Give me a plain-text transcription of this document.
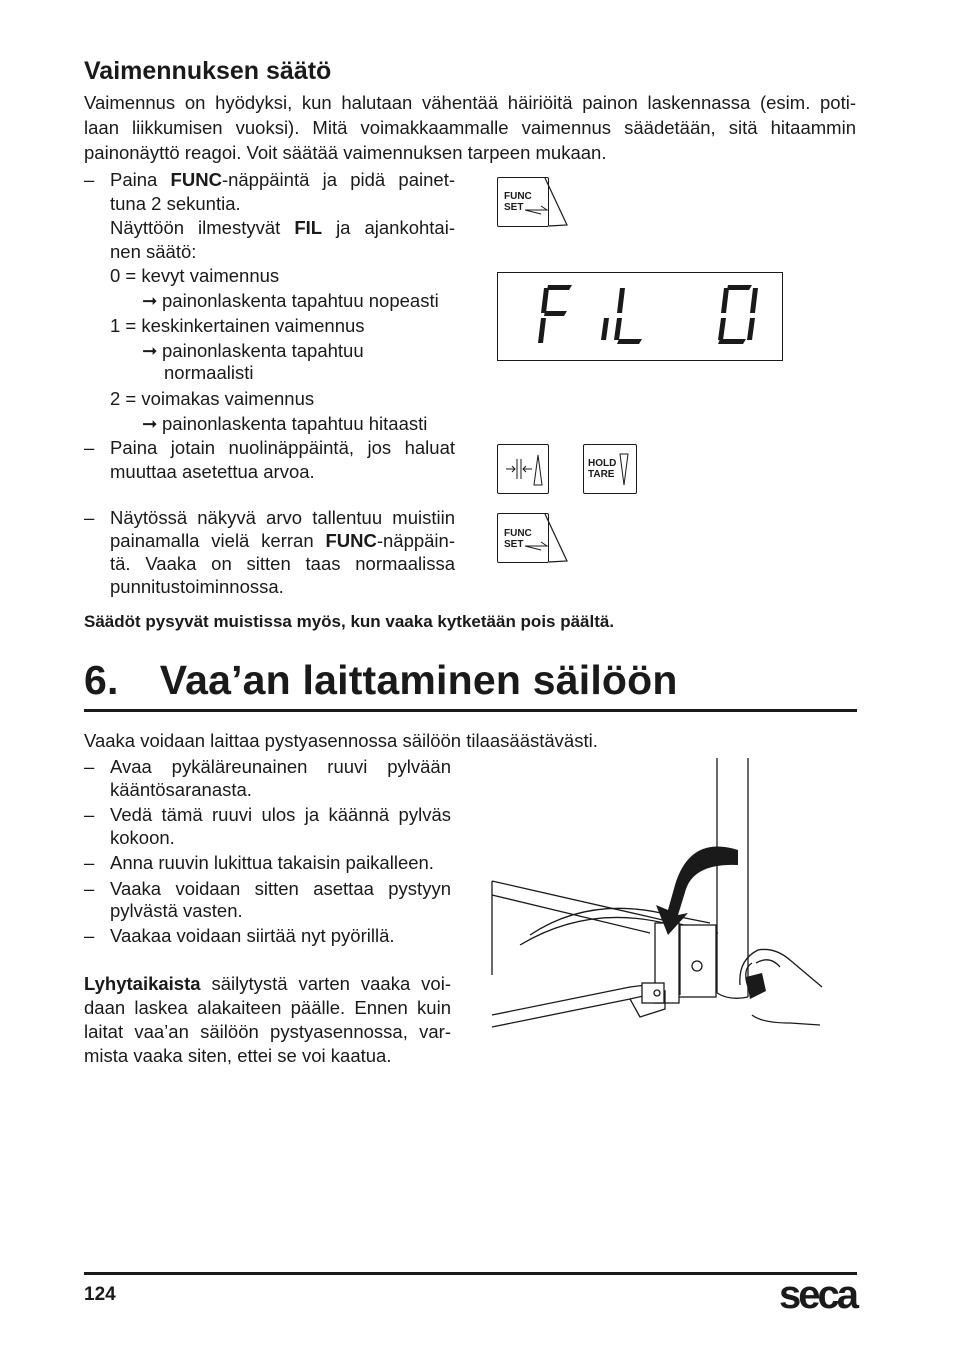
Vaimennuksen säätö
Vaimennus on hyödyksi, kun halutaan vähentää häiriöitä painon laskennassa (esim. poti-
laan liikkumisen vuoksi). Mitä voimakkaammalle vaimennus säädetään, sitä hitaammin
painonäyttö reagoi. Voit säätää vaimennuksen tarpeen mukaan.
– Paina FUNC-näppäintä ja pidä painet-
tuna 2 sekuntia.
Näyttöön ilmestyvät FIL ja ajankohtai-
nen säätö:
0 = kevyt vaimennus
➞ painonlaskenta tapahtuu nopeasti
1 = keskinkertainen vaimennus
➞ painonlaskenta tapahtuu
normaalisti
2 = voimakas vaimennus
➞ painonlaskenta tapahtuu hitaasti
– Paina jotain nuolinäppäintä, jos haluat
muuttaa asetettua arvoa.
– Näytössä näkyvä arvo tallentuu muistiin
painamalla vielä kerran FUNC-näppäin-
tä. Vaaka on sitten taas normaalissa
punnitustoiminnossa.
FUNC
SET
HOLD
TARE
FUNC
SET
Säädöt pysyvät muistissa myös, kun vaaka kytketään pois päältä.
6. Vaa’an laittaminen säilöön
Vaaka voidaan laittaa pystyasennossa säilöön tilaasäästävästi.
– Avaa pykäläreunainen ruuvi pylvään
kääntösaranasta.
– Vedä tämä ruuvi ulos ja käännä pylväs
kokoon.
– Anna ruuvin lukittua takaisin paikalleen.
– Vaaka voidaan sitten asettaa pystyyn
pylvästä vasten.
– Vaakaa voidaan siirtää nyt pyörillä.
Lyhytaikaista säilytystä varten vaaka voi-
daan laskea alakaiteen päälle. Ennen kuin
laitat vaa’an säilöön pystyasennossa, var-
mista vaaka siten, ettei se voi kaatua.
124	seca
